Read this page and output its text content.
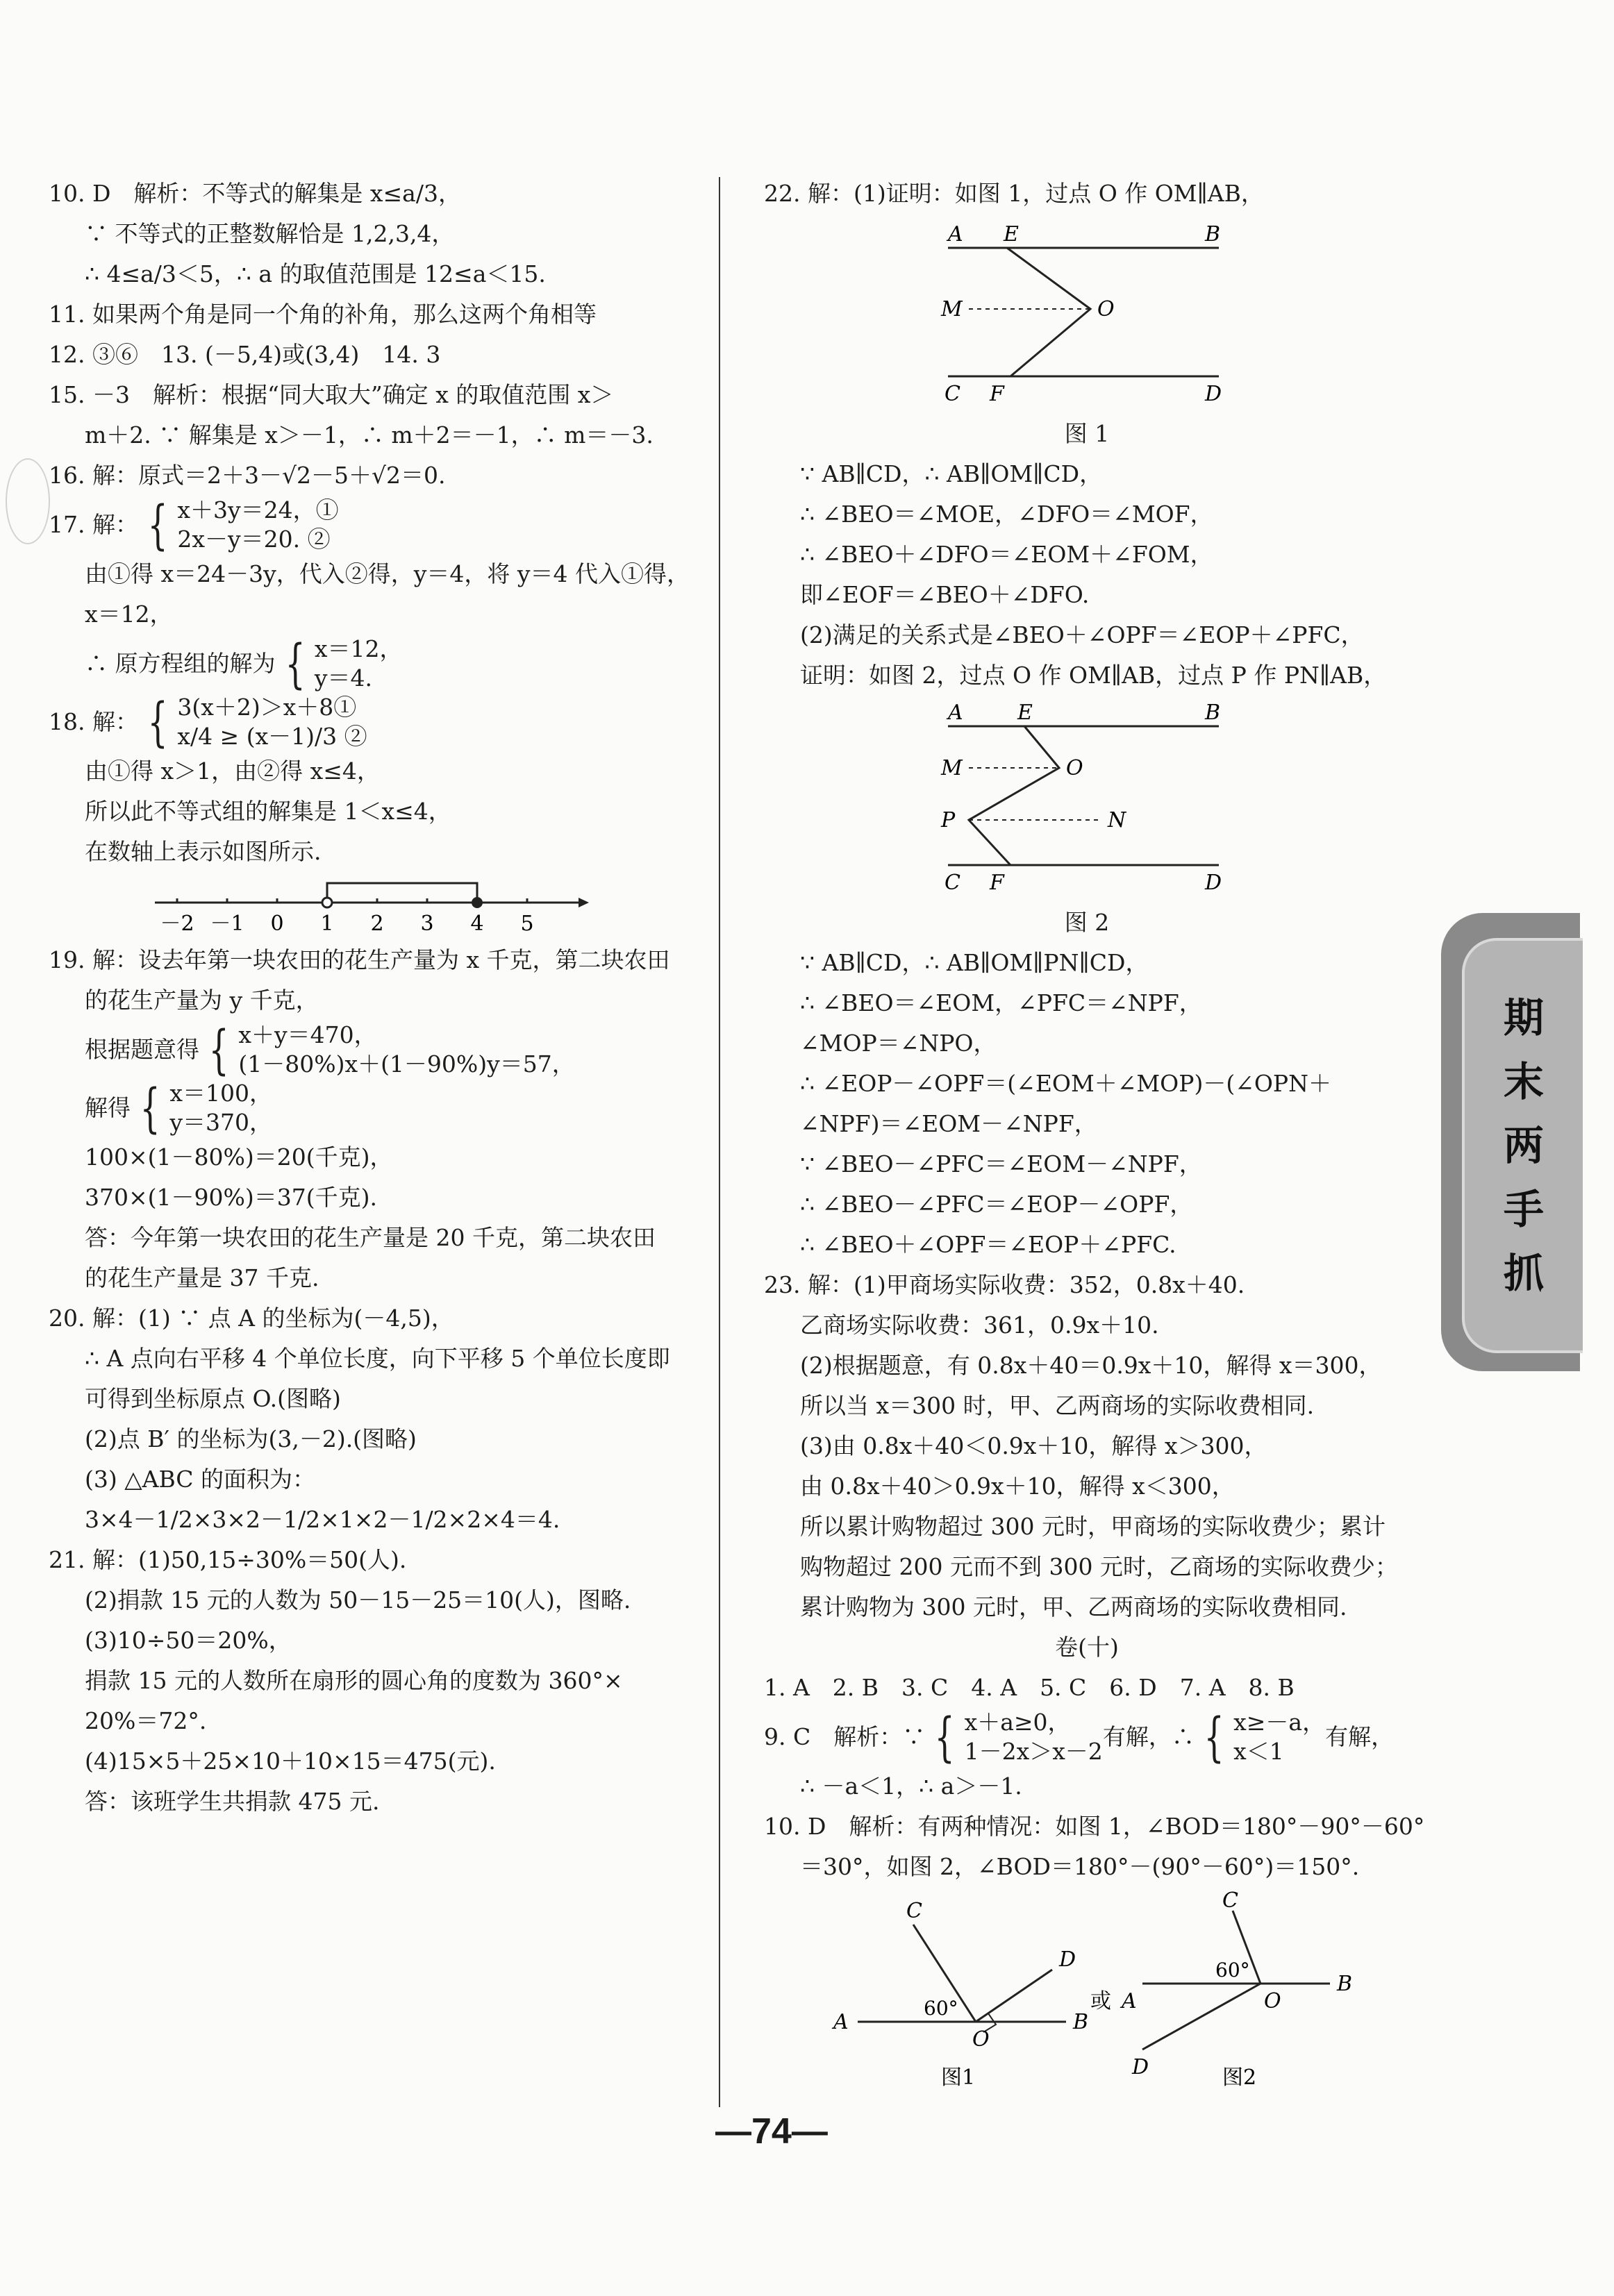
10. D　解析：不等式的解集是 x≤a/3，
∵ 不等式的正整数解恰是 1,2,3,4，
∴ 4≤a/3＜5，∴ a 的取值范围是 12≤a＜15.
11. 如果两个角是同一个角的补角，那么这两个角相等
12. ③⑥　13. (－5,4)或(3,4)　14. 3
15. －3　解析：根据“同大取大”确定 x 的取值范围 x＞
m＋2. ∵ 解集是 x＞－1，∴ m＋2＝－1，∴ m＝－3.
16. 解：原式＝2＋3－√2－5＋√2＝0.
17. 解： { x＋3y＝24，①
2x－y＝20. ②
由①得 x＝24－3y，代入②得，y＝4，将 y＝4 代入①得，
x＝12，
∴ 原方程组的解为 { x＝12，
y＝4.
18. 解： { 3(x＋2)＞x＋8①
x/4 ≥ (x－1)/3 ②
由①得 x＞1，由②得 x≤4，
所以此不等式组的解集是 1＜x≤4，
在数轴上表示如图所示.
－2 －1 0 1 2 3 4 5
19. 解：设去年第一块农田的花生产量为 x 千克，第二块农田
的花生产量为 y 千克，
根据题意得 { x＋y＝470，
(1－80%)x＋(1－90%)y＝57，
解得 { x＝100，
y＝370，
100×(1－80%)＝20(千克)，
370×(1－90%)＝37(千克).
答：今年第一块农田的花生产量是 20 千克，第二块农田
的花生产量是 37 千克.
20. 解：(1) ∵ 点 A 的坐标为(－4,5)，
∴ A 点向右平移 4 个单位长度，向下平移 5 个单位长度即
可得到坐标原点 O.(图略)
(2)点 B′ 的坐标为(3,－2).(图略)
(3) △ABC 的面积为：
3×4－1/2×3×2－1/2×1×2－1/2×2×4＝4.
21. 解：(1)50,15÷30%＝50(人).
(2)捐款 15 元的人数为 50－15－25＝10(人)，图略.
(3)10÷50＝20%，
捐款 15 元的人数所在扇形的圆心角的度数为 360°×
20%＝72°.
(4)15×5＋25×10＋10×15＝475(元).
答：该班学生共捐款 475 元.
22. 解：(1)证明：如图 1，过点 O 作 OM∥AB，
A E	B
M	O
C F	D
图 1
∵ AB∥CD，∴ AB∥OM∥CD，
∴ ∠BEO＝∠MOE，∠DFO＝∠MOF，
∴ ∠BEO＋∠DFO＝∠EOM＋∠FOM，
即∠EOF＝∠BEO＋∠DFO.
(2)满足的关系式是∠BEO＋∠OPF＝∠EOP＋∠PFC，
证明：如图 2，过点 O 作 OM∥AB，过点 P 作 PN∥AB，
A	E	B
M	O
P	N
C F	D
图 2
∵ AB∥CD，∴ AB∥OM∥PN∥CD，
∴ ∠BEO＝∠EOM，∠PFC＝∠NPF，
∠MOP＝∠NPO，
∴ ∠EOP－∠OPF＝(∠EOM＋∠MOP)－(∠OPN＋
∠NPF)＝∠EOM－∠NPF，
∵ ∠BEO－∠PFC＝∠EOM－∠NPF，
∴ ∠BEO－∠PFC＝∠EOP－∠OPF，
∴ ∠BEO＋∠OPF＝∠EOP＋∠PFC.
23. 解：(1)甲商场实际收费：352，0.8x＋40.
乙商场实际收费：361，0.9x＋10.
(2)根据题意，有 0.8x＋40＝0.9x＋10，解得 x＝300，
所以当 x＝300 时，甲、乙两商场的实际收费相同.
(3)由 0.8x＋40＜0.9x＋10，解得 x＞300，
由 0.8x＋40＞0.9x＋10，解得 x＜300，
所以累计购物超过 300 元时，甲商场的实际收费少；累计
购物超过 200 元而不到 300 元时，乙商场的实际收费少；
累计购物为 300 元时，甲、乙两商场的实际收费相同.
卷(十)
1. A　2. B　3. C　4. A　5. C　6. D　7. A　8. B
9. C　解析：∵ { x＋a≥0，
1－2x＞x－2
有解，∴ { x≥－a，
x＜1
有解，
∴ －a＜1，∴ a＞－1.
10. D　解析：有两种情况：如图 1，∠BOD＝180°－90°－60°
＝30°，如图 2，∠BOD＝180°－(90°－60°)＝150°.
C
D
A
O
B
60°
图1
或
C
A	O
B
D
60°
图2
期
末
两
手
抓
—74—
